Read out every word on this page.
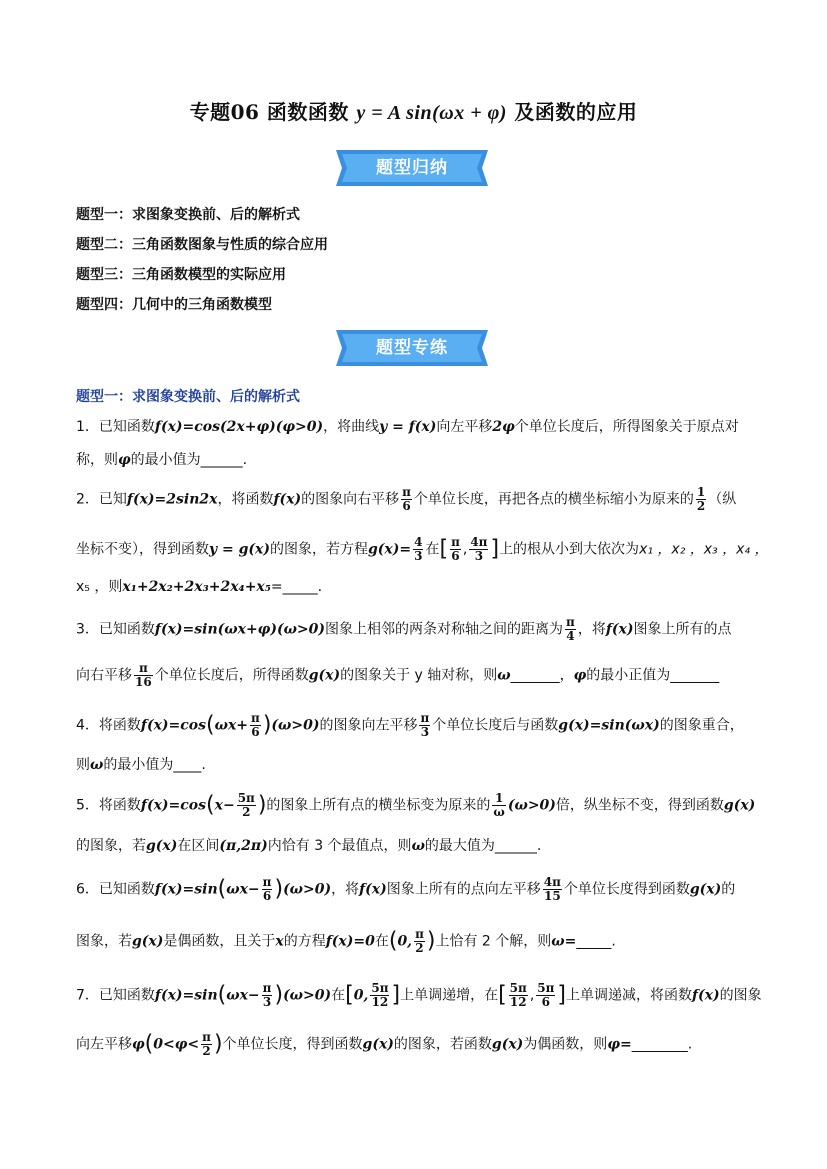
专题06 函数函数 y = A sin(ωx + φ) 及函数的应用
题型归纳
题型一：求图象变换前、后的解析式
题型二：三角函数图象与性质的综合应用
题型三：三角函数模型的实际应用
题型四：几何中的三角函数模型
题型专练
题型一：求图象变换前、后的解析式
1．已知函数f(x)=cos(2x+φ)(φ>0)，将曲线y = f(x)向左平移2φ个单位长度后，所得图象关于原点对
称，则φ的最小值为______.
2．已知f(x)=2sin2x，将函数f(x)的图象向右平移 $\frac{\pi}{6}$ 个单位长度，再把各点的横坐标缩小为原来的 $\frac{1}{2}$ （纵
坐标不变），得到函数y = g(x)的图象，若方程$g(x)= \frac{4}{3}$ 在[ $\frac{\pi}{6}$ , $\frac{4\pi}{3}$ ]上的根从小到大依次为x₁ ，x₂ ，x₃ ，x₄ ，
x₅ ，则x₁+2x₂+2x₃+2x₄+x₅=_____.
3．已知函数f(x)=sin(ωx+φ)(ω>0)图象上相邻的两条对称轴之间的距离为 $\frac{\pi}{4}$ ，将f(x)图象上所有的点
向右平移 $\frac{\pi}{16}$ 个单位长度后，所得函数g(x)的图象关于 y 轴对称，则ω_______，φ的最小正值为_______
4．将函数$f(x)=\cos(\omega x+ \frac{\pi}{6} )(\omega>0)$的图象向左平移 $\frac{\pi}{3}$ 个单位长度后与函数g(x)=sin(ωx)的图象重合，
则ω的最小值为____.
5．将函数$f(x)=\cos(x- \frac{5\pi}{2}$ )的图象上所有点的横坐标变为原来的 $\frac{1}{\omega} (\omega>0)$倍，纵坐标不变，得到函数g(x)
的图象，若g(x)在区间(π,2π)内恰有 3 个最值点，则ω的最大值为______.
6．已知函数$f(x)=\sin(\omega x- \frac{\pi}{6} )(\omega>0)$，将f(x)图象上所有的点向左平移 $\frac{4\pi}{15}$ 个单位长度得到函数g(x)的
图象，若g(x)是偶函数，且关于x的方程f(x)=0在(0, $\frac{\pi}{2}$ )上恰有 2 个解，则ω=_____.
7．已知函数$f(x)=\sin(\omega x- \frac{\pi}{3} )(\omega>0)$在[0, $\frac{5\pi}{12}$ ]上单调递增，在[ $\frac{5\pi}{12}$ , $\frac{5\pi}{6}$ ]上单调递减，将函数f(x)的图象
向左平移$\varphi(0<\varphi< \frac{\pi}{2}$ )个单位长度，得到函数g(x)的图象，若函数g(x)为偶函数，则φ=________.
